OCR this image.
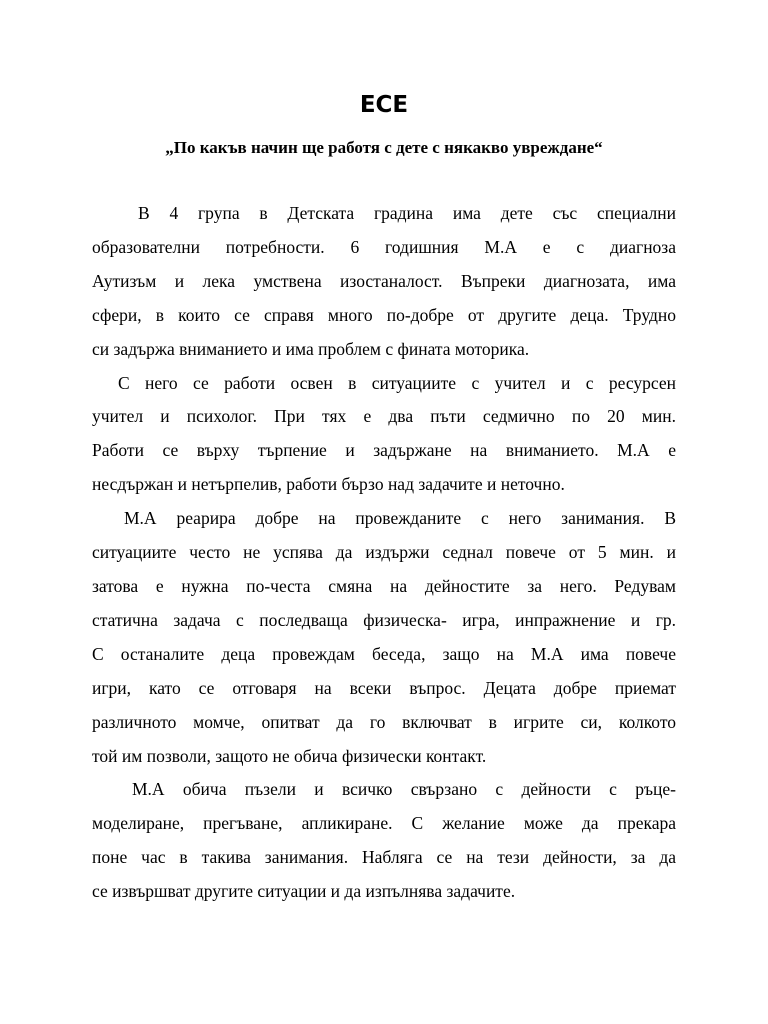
ЕСЕ
„По какъв начин ще работя с дете с някакво увреждане“

В 4 група в Детската градина има дете със специални
образователни потребности. 6 годишния М.А е с диагноза
Аутизъм и лека умствена изостаналост. Въпреки диагнозата, има
сфери, в които се справя много по-добре от другите деца. Трудно
си задържа вниманието и има проблем с фината моторика.

С него се работи освен в ситуациите с учител и с ресурсен
учител и психолог. При тях е два пъти седмично по 20 мин.
Работи се върху търпение и задържане на вниманието. М.А е
несдържан и нетърпелив, работи бързо над задачите и неточно.

М.А реарира добре на провежданите с него занимания. В
ситуациите често не успява да издържи седнал повече от 5 мин. и
затова е нужна по-честа смяна на дейностите за него. Редувам
статична задача с последваща физическа- игра, инпражнение и гр.
С останалите деца провеждам беседа, защо на М.А има повече
игри, като се отговаря на всеки въпрос. Децата добре приемат
различното момче, опитват да го включват в игрите си, колкото
той им позволи, защото не обича физически контакт.

М.А обича пъзели и всичко свързано с дейности с ръце-
моделиране, прегъване, апликиране. С желание може да прекара
поне час в такива занимания. Наблягa се на тези дейности, за да
се извършват другите ситуации и да изпълнява задачите.
